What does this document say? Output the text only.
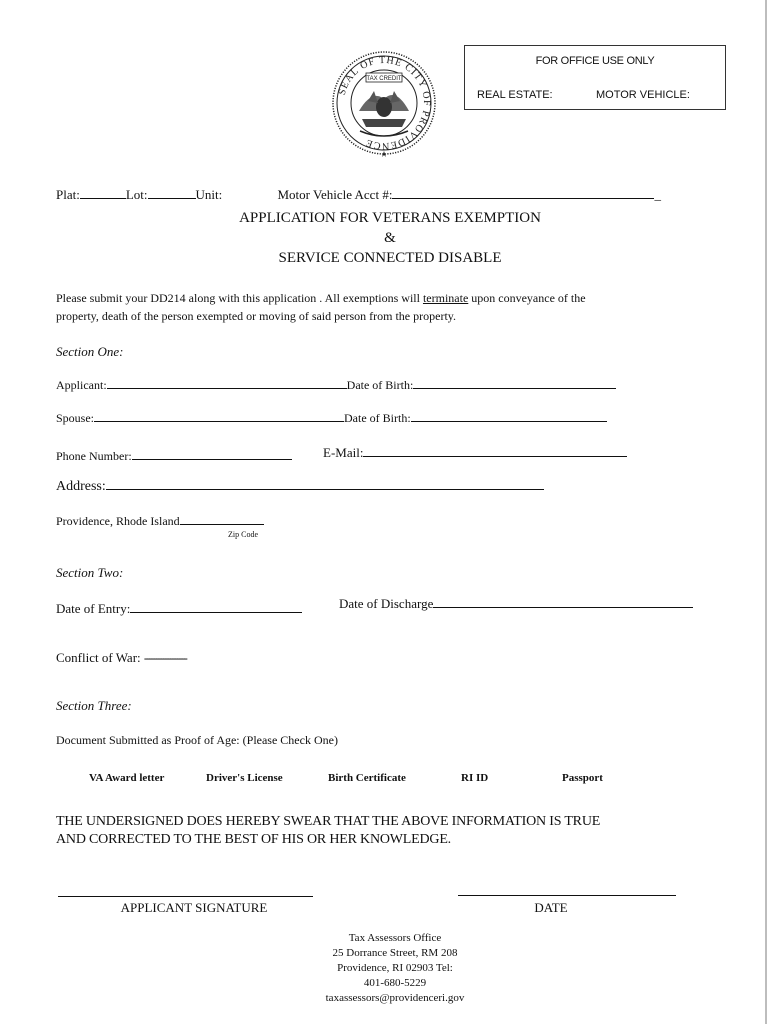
FOR OFFICE USE ONLY
REAL ESTATE:	MOTOR VEHICLE:
SEAL OF THE CITY OF PROVIDENCE
TAX CREDIT
Plat:	Lot:	Unit:	Motor Vehicle Acct #:	_
APPLICATION FOR VETERANS EXEMPTION
&
SERVICE CONNECTED DISABLE
Please submit your DD214 along with this application . All exemptions will terminate upon conveyance of the
property, death of the person exempted or moving of said person from the property.
Section One:
Applicant:	Date of Birth:
Spouse:	Date of Birth:
Phone Number:	E-Mail:
Address:
Providence, Rhode Island
Zip Code
Section Two:
Date of Entry:	Date of Discharge
Conflict of War: ------------------
Section Three:
Document Submitted as Proof of Age: (Please Check One)
VA Award letter	Driver's License	Birth Certificate	RI ID	Passport
THE UNDERSIGNED DOES HEREBY SWEAR THAT THE ABOVE INFORMATION IS TRUE
AND CORRECTED TO THE BEST OF HIS OR HER KNOWLEDGE.
APPLICANT SIGNATURE	DATE
Tax Assessors Office
25 Dorrance Street, RM 208
Providence, RI 02903 Tel:
401-680-5229
taxassessors@providenceri.gov
